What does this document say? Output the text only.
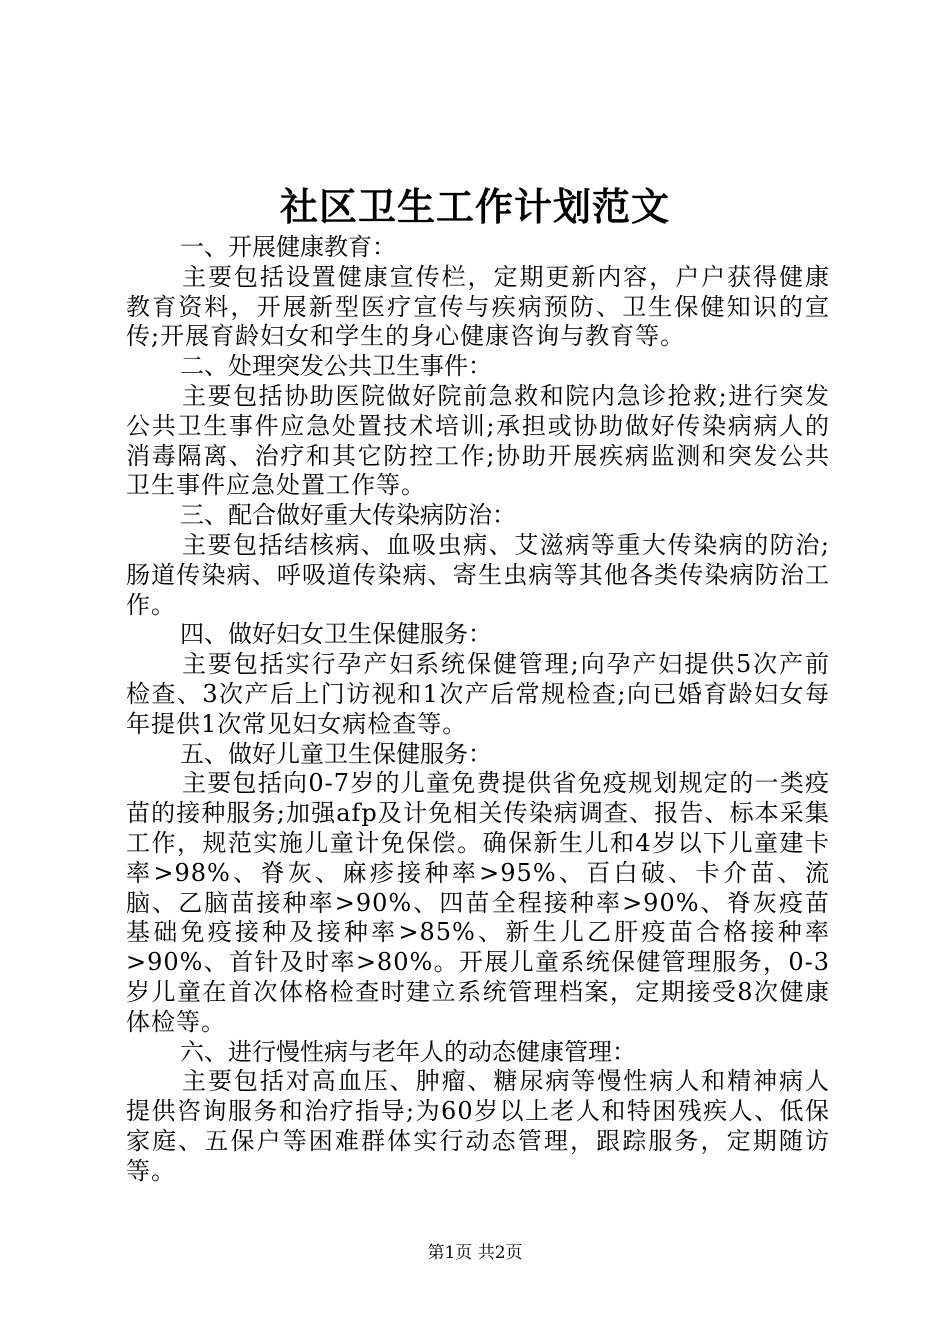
社区卫生工作计划范文

一、开展健康教育：

主要包括设置健康宣传栏，定期更新内容，户户获得健康教育资料，开展新型医疗宣传与疾病预防、卫生保健知识的宣传;开展育龄妇女和学生的身心健康咨询与教育等。

二、处理突发公共卫生事件：

主要包括协助医院做好院前急救和院内急诊抢救;进行突发公共卫生事件应急处置技术培训;承担或协助做好传染病病人的消毒隔离、治疗和其它防控工作;协助开展疾病监测和突发公共卫生事件应急处置工作等。

三、配合做好重大传染病防治：

主要包括结核病、血吸虫病、艾滋病等重大传染病的防治;肠道传染病、呼吸道传染病、寄生虫病等其他各类传染病防治工作。

四、做好妇女卫生保健服务：

主要包括实行孕产妇系统保健管理;向孕产妇提供5次产前检查、3次产后上门访视和1次产后常规检查;向已婚育龄妇女每年提供1次常见妇女病检查等。

五、做好儿童卫生保健服务：

主要包括向0-7岁的儿童免费提供省免疫规划规定的一类疫苗的接种服务;加强afp及计免相关传染病调查、报告、标本采集工作，规范实施儿童计免保偿。确保新生儿和4岁以下儿童建卡率>98%、脊灰、麻疹接种率>95%、百白破、卡介苗、流脑、乙脑苗接种率>90%、四苗全程接种率>90%、脊灰疫苗基础免疫接种及接种率>85%、新生儿乙肝疫苗合格接种率>90%、首针及时率>80%。开展儿童系统保健管理服务，0-3岁儿童在首次体格检查时建立系统管理档案，定期接受8次健康体检等。

六、进行慢性病与老年人的动态健康管理：

主要包括对高血压、肿瘤、糖尿病等慢性病人和精神病人提供咨询服务和治疗指导;为60岁以上老人和特困残疾人、低保家庭、五保户等困难群体实行动态管理，跟踪服务，定期随访等。

第1页 共2页
